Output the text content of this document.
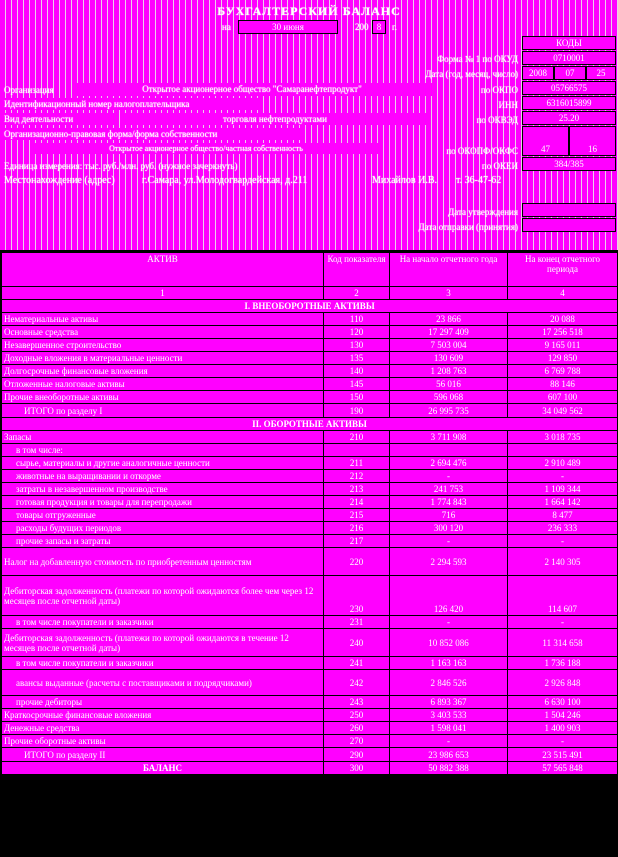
БУХГАЛТЕРСКИЙ БАЛАНС
на	30 июня	200 8	г.
КОДЫ
Форма № 1 по ОКУД	0710001
Дата (год, месяц, число)	2008	07	25
Организация	Открытое акционерное общество "Самаранефтепродукт"	по ОКПО	05766575
Идентификационный номер налогоплательщика	ИНН	6316015899
Вид деятельности	торговля нефтепродуктами	по ОКВЭД	25.20
Организационно-правовая форма/форма собственности
Открытое акционерное общество/частная собственность	по ОКОПФ/ОКФС	47	16
Единица измерения: тыс. руб./млн. руб. (нужное зачеркнуть)	по ОКЕИ	384/385
Местонахождение (адрес)	г.Самара, ул.Молодогвардейская, д.211	Михайлов И.В. т. 36-47-62
Дата утверждения
Дата отправки (принятия)
АКТИВ	Код показателя	На начало отчетного года	На конец отчетного периода
1	2	3	4
I. ВНЕОБОРОТНЫЕ АКТИВЫ			
Нематериальные активы	110	23 866	20 088
Основные средства	120	17 297 409	17 256 518
Незавершенное строительство	130	7 503 004	9 165 011
Доходные вложения в материальные ценности	135	130 609	129 850
Долгосрочные финансовые вложения	140	1 208 763	6 769 788
Отложенные налоговые активы	145	56 016	88 146
Прочие внеоборотные активы	150	596 068	607 100
ИТОГО по разделу I	190	26 995 735	34 049 562
II. ОБОРОТНЫЕ АКТИВЫ			
Запасы	210	3 711 908	3 018 735
в том числе:			
сырье, материалы и другие аналогичные ценности	211	2 694 476	2 910 489
животные на выращивании и откорме	212	-	-
затраты в незавершенном производстве	213	241 753	1 109 344
готовая продукция и товары для перепродажи	214	1 774 843	1 664 142
товары отгруженные	215	716	8 477
расходы будущих периодов	216	300 120	236 333
прочие запасы и затраты	217	-	-
Налог на добавленную стоимость по приобретенным ценностям	220	2 294 593	2 140 305
Дебиторская задолженность (платежи по которой ожидаются более чем через 12 месяцев после отчетной даты)	230	126 420	114 607
в том числе покупатели и заказчики	231	-	-
Дебиторская задолженность (платежи по которой ожидаются в течение 12 месяцев после отчетной даты)	240	10 852 086	11 314 658
в том числе покупатели и заказчики	241	1 163 163	1 736 188
авансы выданные (расчеты с поставщиками и подрядчиками)	242	2 846 526	2 926 848
прочие дебиторы	243	6 893 367	6 630 100
Краткосрочные финансовые вложения	250	3 403 533	1 504 246
Денежные средства	260	1 598 041	1 400 903
Прочие оборотные активы	270	-	-
ИТОГО по разделу II	290	23 986 653	23 515 491
БАЛАНС	300	50 882 388	57 565 848
